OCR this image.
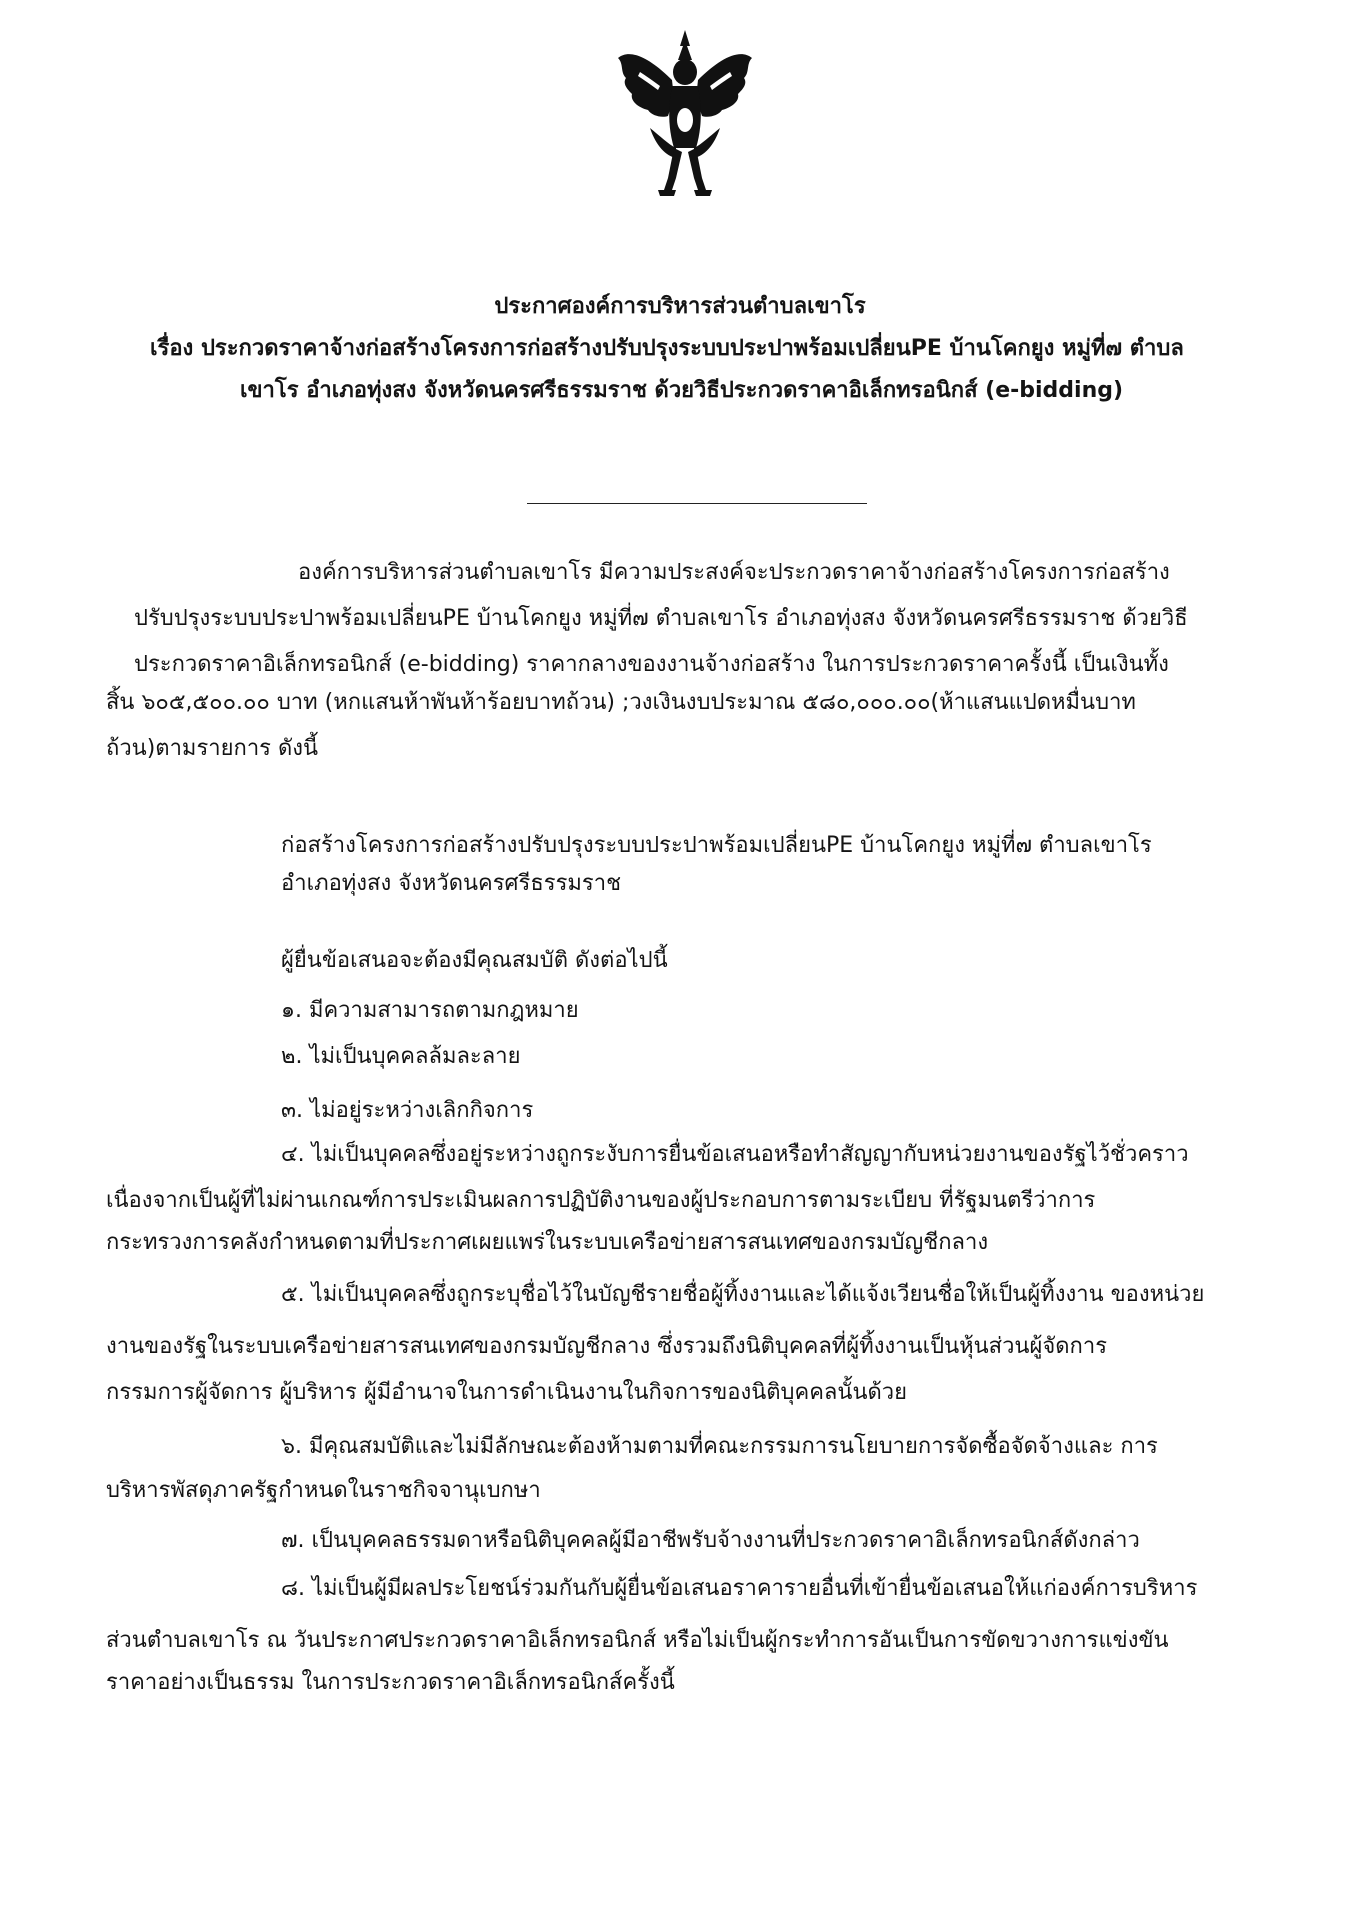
ประกาศองค์การบริหารส่วนตำบลเขาโร
เรื่อง ประกวดราคาจ้างก่อสร้างโครงการก่อสร้างปรับปรุงระบบประปาพร้อมเปลี่ยนPE บ้านโคกยูง หมู่ที่๗ ตำบล
เขาโร อำเภอทุ่งสง จังหวัดนครศรีธรรมราช ด้วยวิธีประกวดราคาอิเล็กทรอนิกส์ (e-bidding)
องค์การบริหารส่วนตำบลเขาโร มีความประสงค์จะประกวดราคาจ้างก่อสร้างโครงการก่อสร้าง
ปรับปรุงระบบประปาพร้อมเปลี่ยนPE บ้านโคกยูง หมู่ที่๗ ตำบลเขาโร อำเภอทุ่งสง จังหวัดนครศรีธรรมราช ด้วยวิธี
ประกวดราคาอิเล็กทรอนิกส์ (e-bidding) ราคากลางของงานจ้างก่อสร้าง ในการประกวดราคาครั้งนี้ เป็นเงินทั้ง
สิ้น ๖๐๕,๕๐๐.๐๐ บาท (หกแสนห้าพันห้าร้อยบาทถ้วน) ;วงเงินงบประมาณ ๕๘๐,๐๐๐.๐๐(ห้าแสนแปดหมื่นบาท
ถ้วน)ตามรายการ ดังนี้
ก่อสร้างโครงการก่อสร้างปรับปรุงระบบประปาพร้อมเปลี่ยนPE บ้านโคกยูง หมู่ที่๗ ตำบลเขาโร
อำเภอทุ่งสง จังหวัดนครศรีธรรมราช
ผู้ยื่นข้อเสนอจะต้องมีคุณสมบัติ ดังต่อไปนี้
๑. มีความสามารถตามกฎหมาย
๒. ไม่เป็นบุคคลล้มละลาย
๓. ไม่อยู่ระหว่างเลิกกิจการ
๔. ไม่เป็นบุคคลซึ่งอยู่ระหว่างถูกระงับการยื่นข้อเสนอหรือทำสัญญากับหน่วยงานของรัฐไว้ชั่วคราว
เนื่องจากเป็นผู้ที่ไม่ผ่านเกณฑ์การประเมินผลการปฏิบัติงานของผู้ประกอบการตามระเบียบ ที่รัฐมนตรีว่าการ
กระทรวงการคลังกำหนดตามที่ประกาศเผยแพร่ในระบบเครือข่ายสารสนเทศของกรมบัญชีกลาง
๕. ไม่เป็นบุคคลซึ่งถูกระบุชื่อไว้ในบัญชีรายชื่อผู้ทิ้งงานและได้แจ้งเวียนชื่อให้เป็นผู้ทิ้งงาน ของหน่วย
งานของรัฐในระบบเครือข่ายสารสนเทศของกรมบัญชีกลาง ซึ่งรวมถึงนิติบุคคลที่ผู้ทิ้งงานเป็นหุ้นส่วนผู้จัดการ
กรรมการผู้จัดการ ผู้บริหาร ผู้มีอำนาจในการดำเนินงานในกิจการของนิติบุคคลนั้นด้วย
๖. มีคุณสมบัติและไม่มีลักษณะต้องห้ามตามที่คณะกรรมการนโยบายการจัดซื้อจัดจ้างและ การ
บริหารพัสดุภาครัฐกำหนดในราชกิจจานุเบกษา
๗. เป็นบุคคลธรรมดาหรือนิติบุคคลผู้มีอาชีพรับจ้างงานที่ประกวดราคาอิเล็กทรอนิกส์ดังกล่าว
๘. ไม่เป็นผู้มีผลประโยชน์ร่วมกันกับผู้ยื่นข้อเสนอราคารายอื่นที่เข้ายื่นข้อเสนอให้แก่องค์การบริหาร
ส่วนตำบลเขาโร ณ วันประกาศประกวดราคาอิเล็กทรอนิกส์ หรือไม่เป็นผู้กระทำการอันเป็นการขัดขวางการแข่งขัน
ราคาอย่างเป็นธรรม ในการประกวดราคาอิเล็กทรอนิกส์ครั้งนี้
